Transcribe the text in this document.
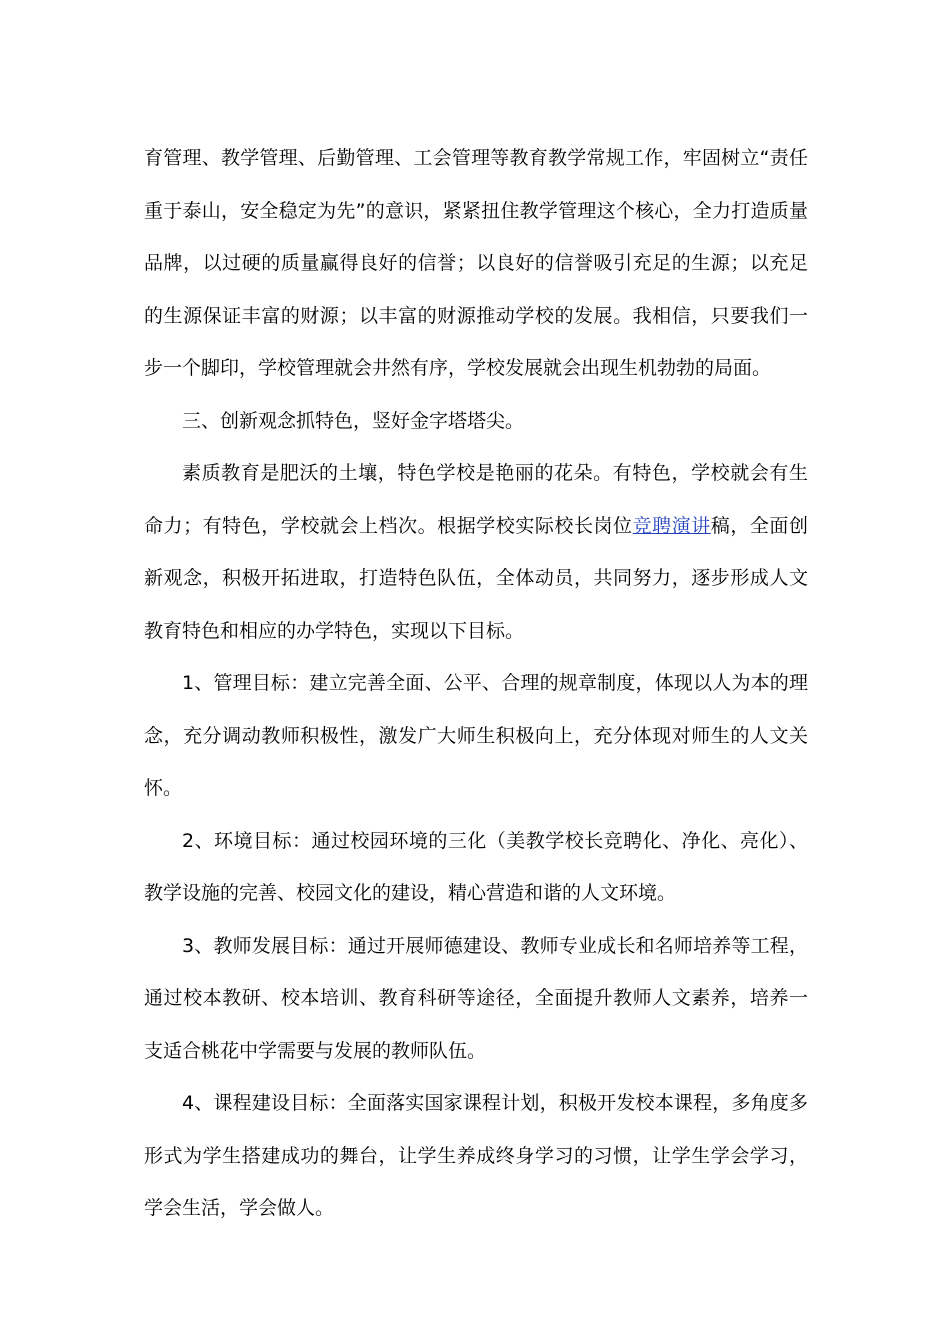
育管理、教学管理、后勤管理、工会管理等教育教学常规工作，牢固树立“责任重于泰山，安全稳定为先”的意识，紧紧扭住教学管理这个核心，全力打造质量品牌，以过硬的质量赢得良好的信誉；以良好的信誉吸引充足的生源；以充足的生源保证丰富的财源；以丰富的财源推动学校的发展。我相信，只要我们一步一个脚印，学校管理就会井然有序，学校发展就会出现生机勃勃的局面。

三、创新观念抓特色，竖好金字塔塔尖。

素质教育是肥沃的土壤，特色学校是艳丽的花朵。有特色，学校就会有生命力；有特色，学校就会上档次。根据学校实际校长岗位竞聘演讲稿，全面创新观念，积极开拓进取，打造特色队伍，全体动员，共同努力，逐步形成人文教育特色和相应的办学特色，实现以下目标。

1、管理目标：建立完善全面、公平、合理的规章制度，体现以人为本的理念，充分调动教师积极性，激发广大师生积极向上，充分体现对师生的人文关怀。

2、环境目标：通过校园环境的三化（美教学校长竞聘化、净化、亮化）、教学设施的完善、校园文化的建设，精心营造和谐的人文环境。

3、教师发展目标：通过开展师德建设、教师专业成长和名师培养等工程，通过校本教研、校本培训、教育科研等途径，全面提升教师人文素养，培养一支适合桃花中学需要与发展的教师队伍。

4、课程建设目标：全面落实国家课程计划，积极开发校本课程，多角度多形式为学生搭建成功的舞台，让学生养成终身学习的习惯，让学生学会学习，学会生活，学会做人。
